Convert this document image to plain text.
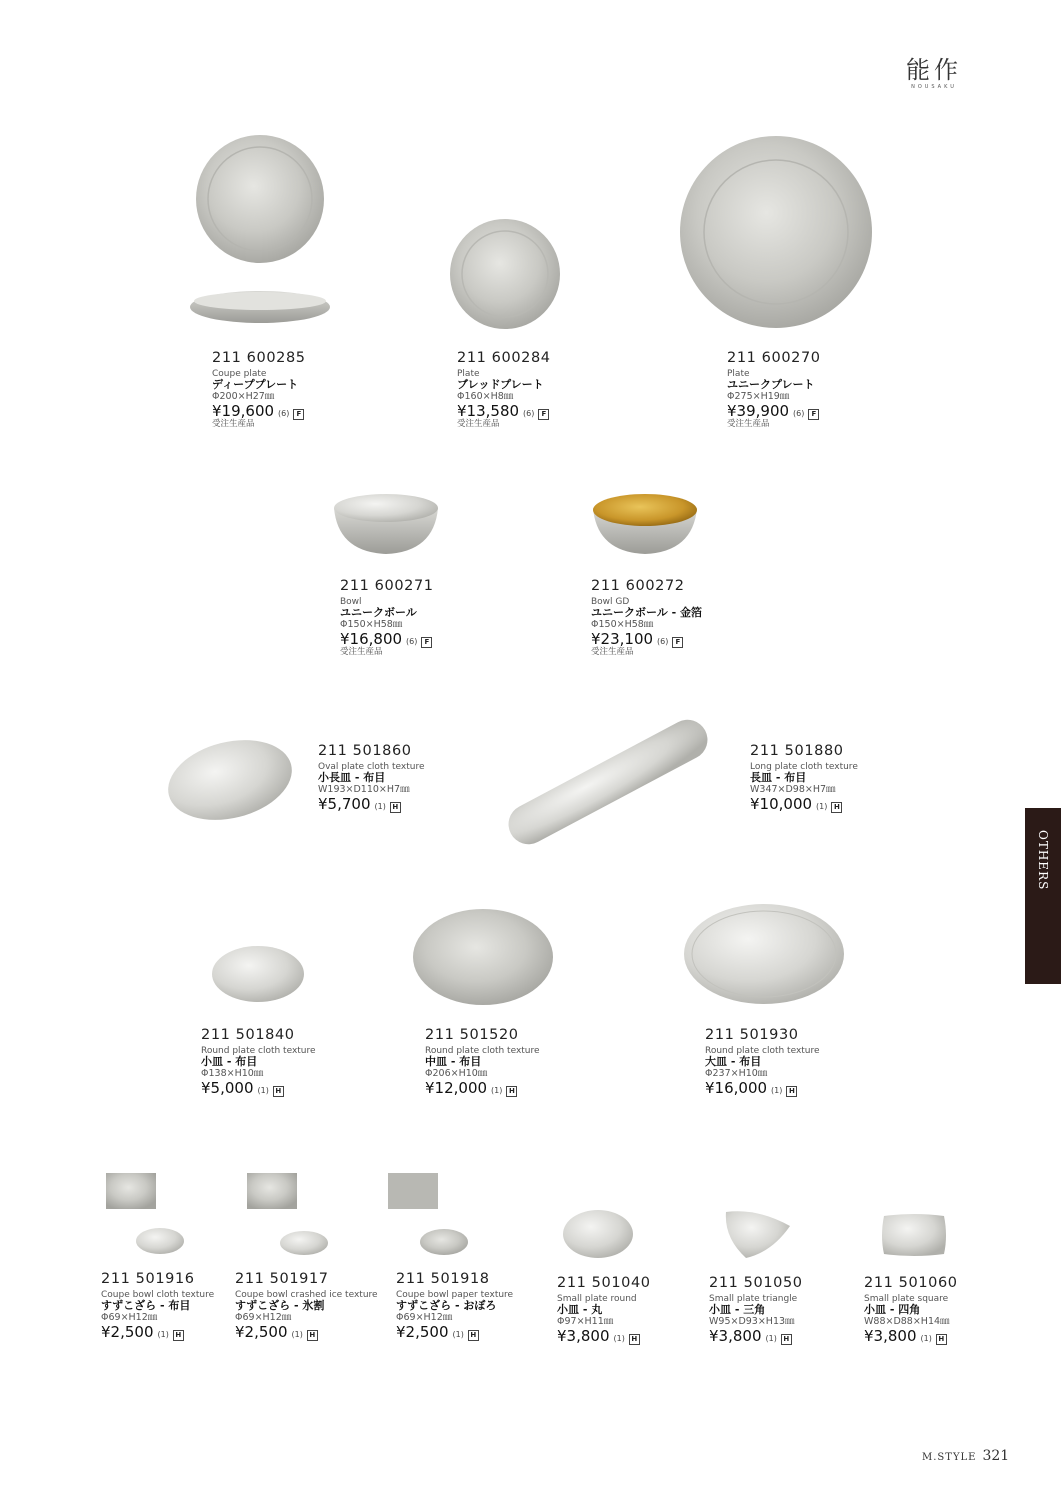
能作
NOUSAKU
OTHERS
211 600285
Coupe plate
ディーププレート
Φ200×H27㎜
¥19,600 (6)	F
受注生産品
211 600284
Plate
ブレッドプレート
Φ160×H8㎜
¥13,580 (6)	F
受注生産品
211 600270
Plate
ユニークプレート
Φ275×H19㎜
¥39,900 (6)	F
受注生産品
211 600271
Bowl
ユニークボール
Φ150×H58㎜
¥16,800 (6)	F
受注生産品
211 600272
Bowl GD
ユニークボール - 金箔
Φ150×H58㎜
¥23,100 (6)	F
受注生産品
211 501860
Oval plate cloth texture
小長皿 - 布目
W193×D110×H7㎜
¥5,700 (1) H
211 501880
Long plate cloth texture
長皿 - 布目
W347×D98×H7㎜
¥10,000 (1) H
211 501840
Round plate cloth texture
小皿 - 布目
Φ138×H10㎜
¥5,000 (1) H
211 501520
Round plate cloth texture
中皿 - 布目
Φ206×H10㎜
¥12,000 (1) H
211 501930
Round plate cloth texture
大皿 - 布目
Φ237×H10㎜
¥16,000 (1) H
211 501916
Coupe bowl cloth texture
すずこざら - 布目
Φ69×H12㎜
¥2,500 (1) H
211 501917
Coupe bowl crashed ice texture
すずこざら - 氷割
Φ69×H12㎜
¥2,500 (1) H
211 501918
Coupe bowl paper texture
すずこざら - おぼろ
Φ69×H12㎜
¥2,500 (1) H
211 501040
Small plate round
小皿 - 丸
Φ97×H11㎜
¥3,800 (1) H
211 501050
Small plate triangle
小皿 - 三角
W95×D93×H13㎜
¥3,800 (1) H
211 501060
Small plate square
小皿 - 四角
W88×D88×H14㎜
¥3,800 (1) H
M.STYLE 321
